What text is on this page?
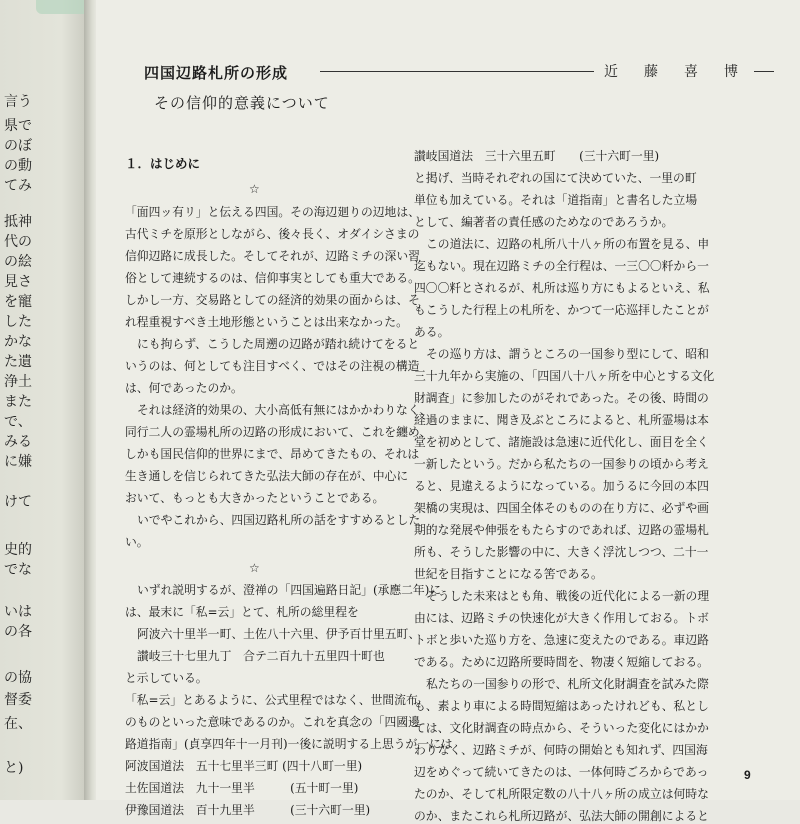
言う
県で
のぼ
の動
てみ
抵神
代の
の絵
見さ
を寵
した
かな
た遺
浄土
また
で、
みる
に嫌
けて
史的
でな
いは
の各
の協
督委
在、
と)
四国辺路札所の形成	近　藤　喜　博
その信仰的意義について
１．はじめに
☆
「面四ッ有リ」と伝える四国。その海辺廻りの辺地は、
古代ミチを原形としながら、後々長く、オダイシさまの
信仰辺路に成長した。そしてそれが、辺路ミチの深い習
俗として連続するのは、信仰事実としても重大である。
しかし一方、交易路としての経済的効果の面からは、そ
れ程重視すべき土地形態ということは出来なかった。
にも拘らず、こうした周遡の辺路が踏れ続けてをると
いうのは、何としても注目すべく、ではその注視の構造
は、何であったのか。
それは経済的効果の、大小高低有無にはかかわりなく、
同行二人の霊場札所の辺路の形成において、これを纏め、
しかも国民信仰的世界にまで、昂めてきたもの、それは
生き通しを信じられてきた弘法大師の存在が、中心に
おいて、もっとも大きかったということである。
いでやこれから、四国辺路札所の話をすすめるとした
い。
☆
いずれ説明するが、澄禅の「四国遍路日記」(承應二年)に
は、最末に「私=云」とて、札所の総里程を
阿波六十里半一町、土佐八十六里、伊予百廿里五町、
讃岐三十七里九丁　合テ二百九十五里四十町也
と示している。
「私=云」とあるように、公式里程ではなく、世間流布
のものといった意味であるのか。これを真念の「四國邊
路道指南」(貞享四年十一月刊)一後に説明する上思うが一には
阿波国道法　五十七里半三町 (四十八町一里)
土佐国道法　九十一里半　　　(五十町一里)
伊豫国道法　百十九里半　　　(三十六町一里)
讃岐国道法　三十六里五町　　(三十六町一里)
と掲げ、当時それぞれの国にて決めていた、一里の町
単位も加えている。それは「道指南」と書名した立場
として、編著者の責任感のためなのであろうか。
この道法に、辺路の札所八十八ヶ所の布置を見る、申
迄もない。現在辺路ミチの全行程は、一三〇〇粁から一
四〇〇粁とされるが、札所は巡り方にもよるといえ、私
もこうした行程上の札所を、かつて一応巡拝したことが
ある。
その巡り方は、謂うところの一国参り型にして、昭和
三十九年から実施の、「四国八十八ヶ所を中心とする文化
財調査」に参加したのがそれであった。その後、時間の
経過のままに、聞き及ぶところによると、札所霊場は本
堂を初めとして、諸施設は急速に近代化し、面目を全く
一新したという。だから私たちの一国参りの頃から考え
ると、見違えるようになっている。加うるに今回の本四
架橋の実現は、四国全体そのものの在り方に、必ずや画
期的な発展や伸張をもたらすのであれば、辺路の霊場札
所も、そうした影響の中に、大きく浮沈しつつ、二十一
世紀を目指すことになる筈である。
そうした未来はとも角、戦後の近代化による一新の理
由には、辺路ミチの快速化が大きく作用しておる。トボ
トボと歩いた巡り方を、急速に変えたのである。車辺路
である。ために辺路所要時間を、物凄く短縮しておる。
私たちの一国参りの形で、札所文化財調査を試みた際
も、素より車による時間短縮はあったけれども、私とし
ては、文化財調査の時点から、そういった変化にはかか
わりなく、辺路ミチが、何時の開始とも知れず、四国海
辺をめぐって続いてきたのは、一体何時ごろからであっ
たのか、そして札所限定数の八十八ヶ所の成立は何時な
のか、またこれら札所辺路が、弘法大師の開創によると
9
